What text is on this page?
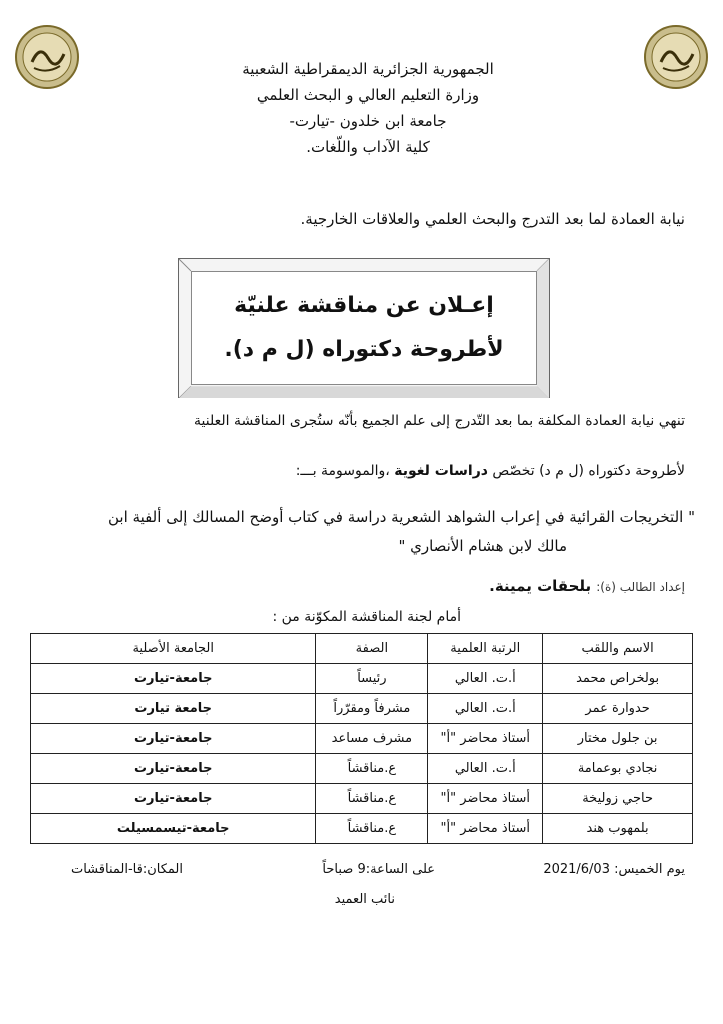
الجمهورية الجزائرية الديمقراطية الشعبية
وزارة التعليم العالي و البحث العلمي
جامعة ابن خلدون -تيارت-
كلية الآداب واللّغات.
نيابة العمادة لما بعد التدرج والبحث العلمي والعلاقات الخارجية.
إعـلان عن مناقشة علنيّة
لأطروحة دكتوراه (ل م د).
تنهي نيابة العمادة المكلفة بما بعد التّدرج إلى علم الجميع بأنّه ستُجرى المناقشة العلنية
لأطروحة دكتوراه (ل م د) تخصّص دراسات لغوية ،والموسومة بـــ:
" التخريجات القرائية في إعراب الشواهد الشعرية دراسة في كتاب أوضح المسالك إلى ألفية ابن
مالك لابن هشام الأنصاري "
إعداد الطالب (ة): بلحقات يمينة.
أمام لجنة المناقشة المكوّنة من :
الاسم واللقب	الرتبة العلمية	الصفة	الجامعة الأصلية
بولخراص محمد	أ.ت. العالي	رئيساً	جامعة-تيارت
حدوارة عمر	أ.ت. العالي	مشرفاً ومقرّراً	جامعة تيارت
بن جلول مختار	أستاذ محاضر "أ"	مشرف مساعد	جامعة-تيارت
نجادي بوعمامة	أ.ت. العالي	ع.مناقشاً	جامعة-تيارت
حاجي زوليخة	أستاذ محاضر "أ"	ع.مناقشاً	جامعة-تيارت
بلمهوب هند	أستاذ محاضر "أ"	ع.مناقشاً	جامعة-تيسمسيلت
يوم الخميس: 2021/6/03
على الساعة:9 صباحاً
المكان:قا-المناقشات
نائب العميد
